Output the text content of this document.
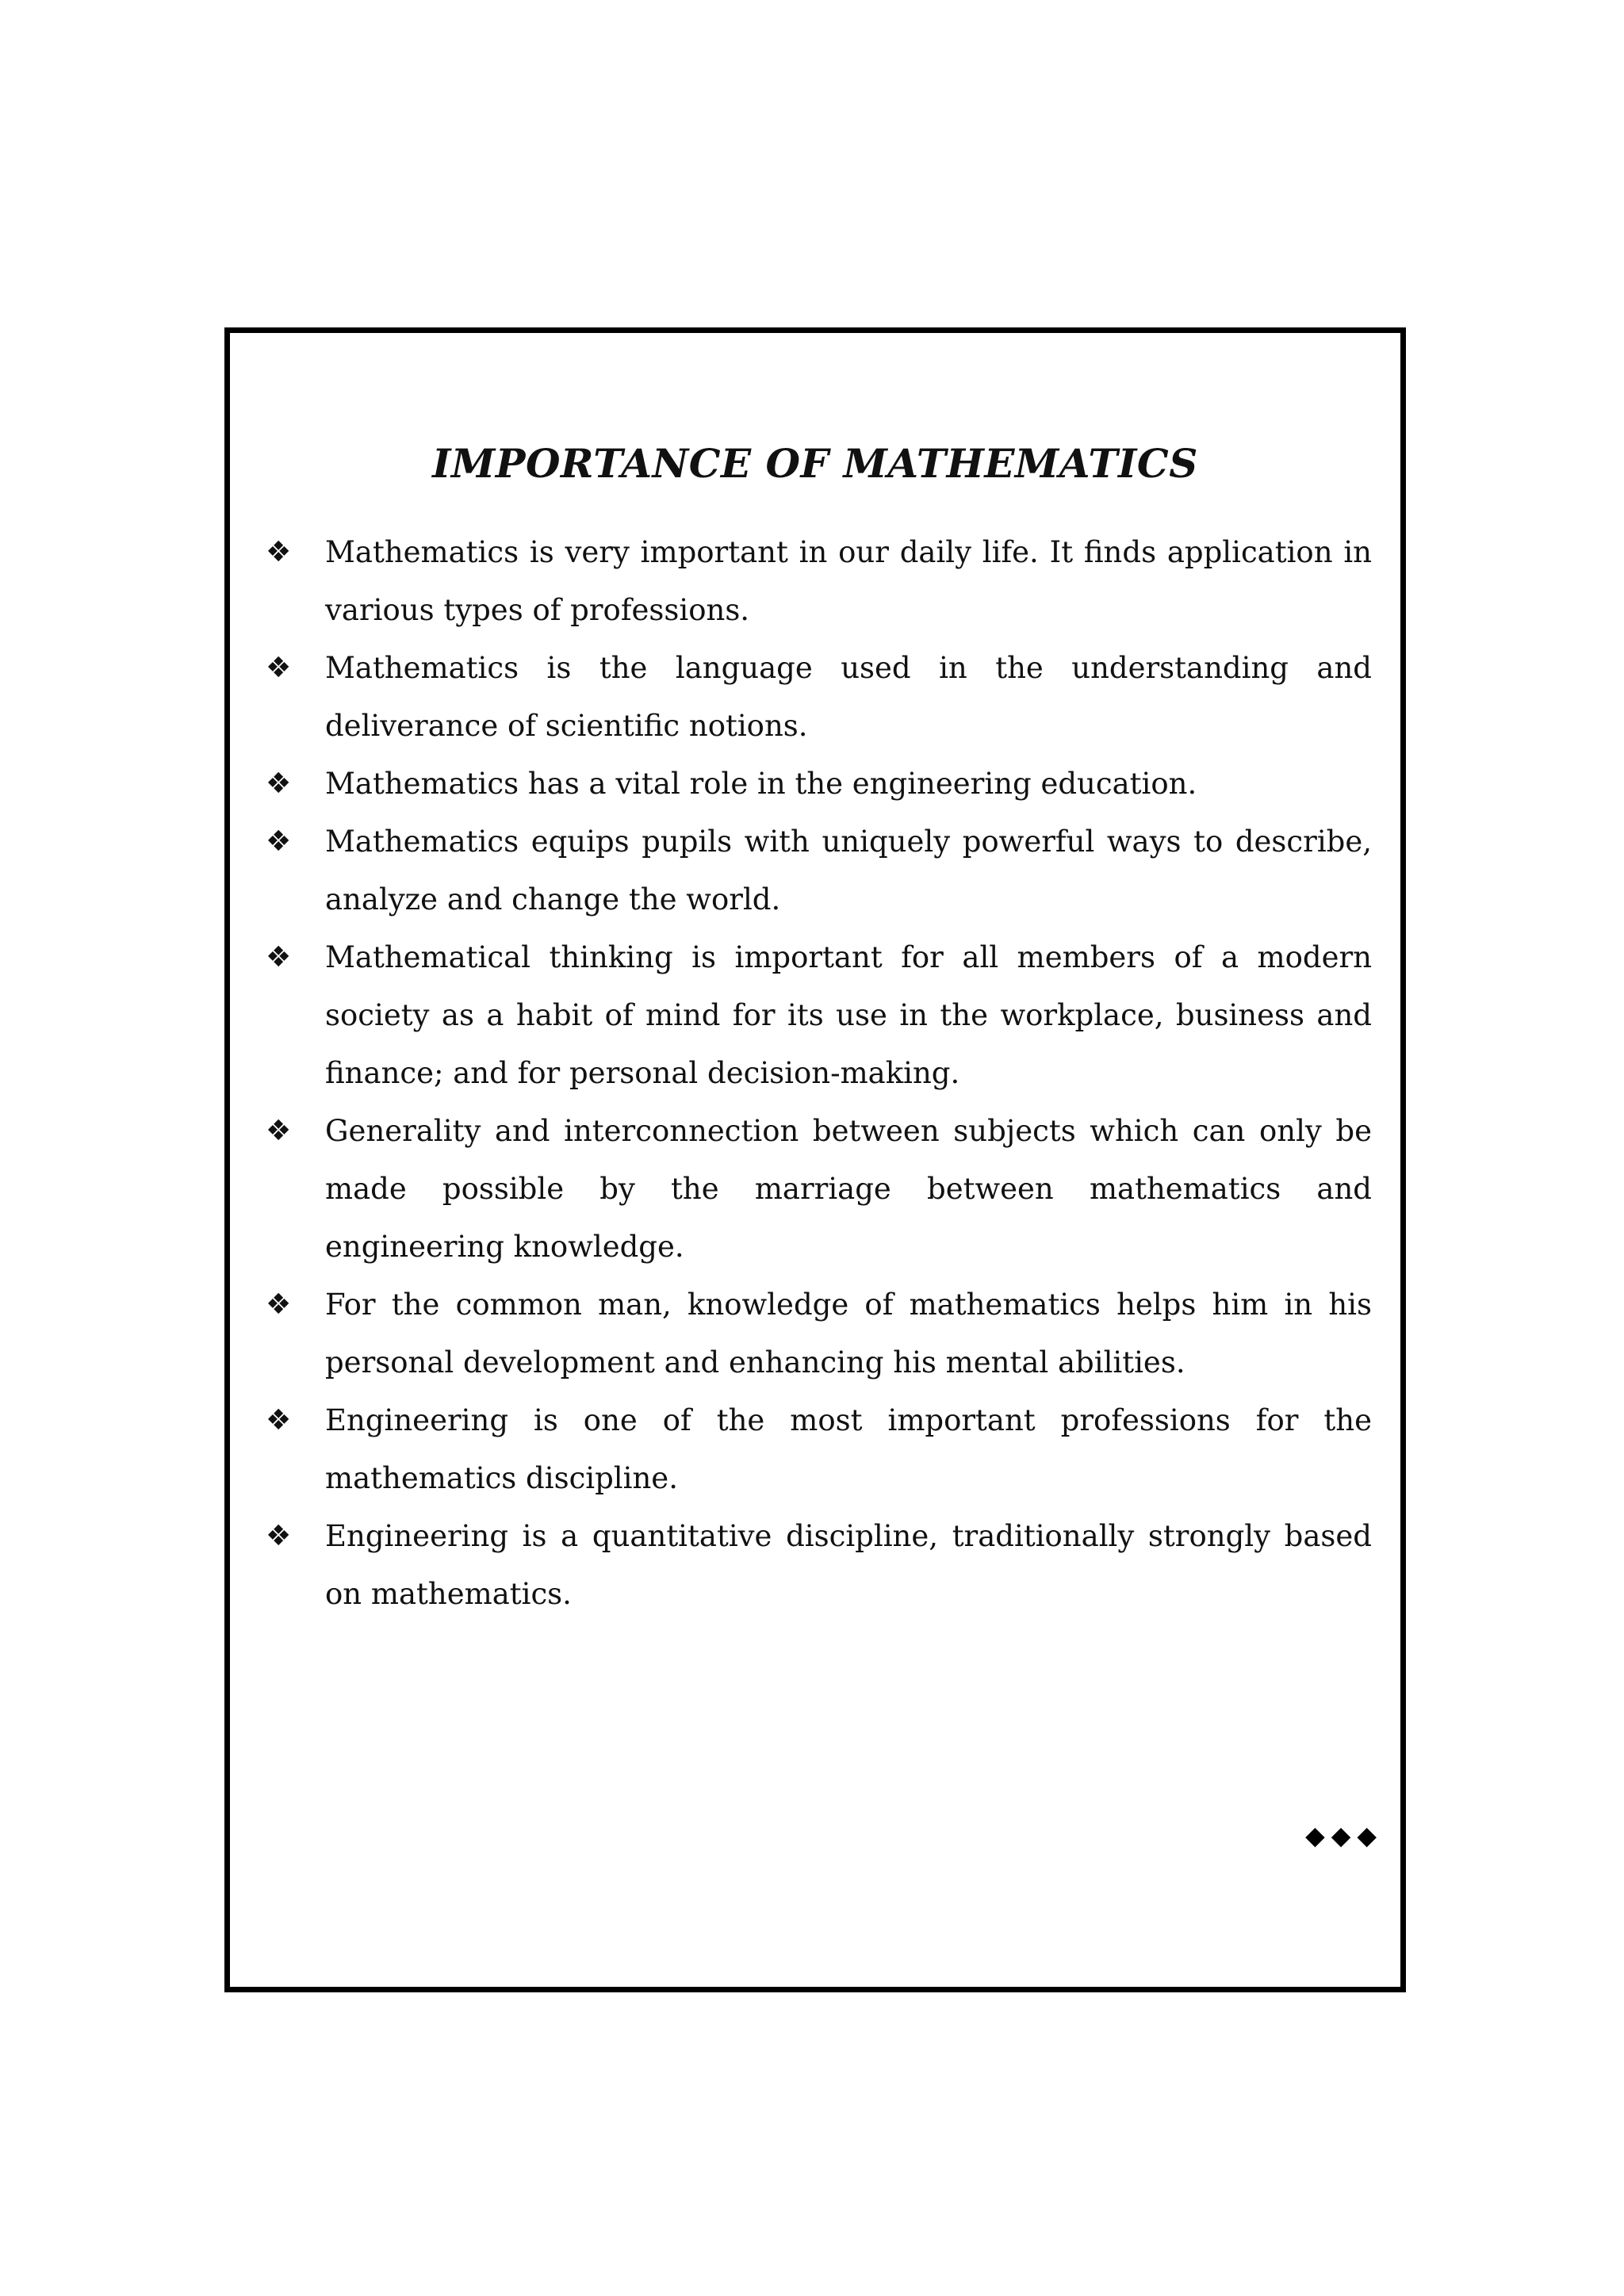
IMPORTANCE OF MATHEMATICS
❖	Mathematics is very important in our daily life. It finds application in various types of professions.
❖	Mathematics is the language used in the understanding and deliverance of scientific notions.
❖	Mathematics has a vital role in the engineering education.
❖	Mathematics equips pupils with uniquely powerful ways to describe, analyze and change the world.
❖	Mathematical thinking is important for all members of a modern society as a habit of mind for its use in the workplace, business and finance; and for personal decision-making.
❖	Generality and interconnection between subjects which can only be made possible by the marriage between mathematics and engineering knowledge.
❖	For the common man, knowledge of mathematics helps him in his personal development and enhancing his mental abilities.
❖	Engineering is one of the most important professions for the mathematics discipline.
❖	Engineering is a quantitative discipline, traditionally strongly based on mathematics.
◆◆◆
